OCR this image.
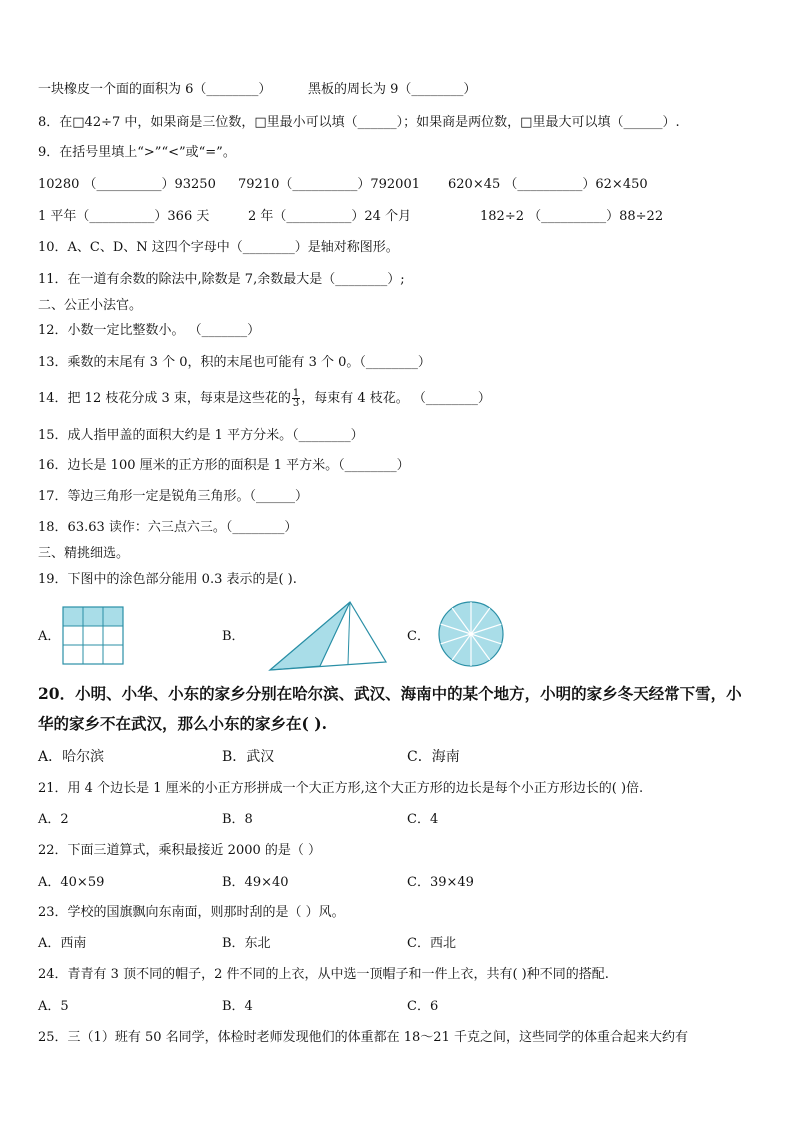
一块橡皮一个面的面积为 6（________）	黑板的周长为 9（________）
8．在□42÷7 中，如果商是三位数，□里最小可以填（______）；如果商是两位数，□里最大可以填（______）.
9．在括号里填上“>”“<”或“=”。
10280 （__________）93250 79210（__________）792001 620×45 （__________）62×450
1 平年（__________）366 天	2 年（__________）24 个月	182÷2 （__________）88÷22
10．A、C、D、N 这四个字母中（________）是轴对称图形。
11．在一道有余数的除法中,除数是 7,余数最大是（________）;
二、公正小法官。
12．小数一定比整数小。 （_______）
13．乘数的末尾有 3 个 0，积的末尾也可能有 3 个 0。（________）
14．把 12 枝花分成 3 束，每束是这些花的 $\frac{1}{3}$ ，每束有 4 枝花。 （________）
15．成人指甲盖的面积大约是 1 平方分米。（________）
16．边长是 100 厘米的正方形的面积是 1 平方米。（________）
17．等边三角形一定是锐角三角形。（______）
18．63.63 读作：六三点六三。（________）
三、精挑细选。
19．下图中的涂色部分能用 0.3 表示的是( ).
A．	B．	C．
20．小明、小华、小东的家乡分别在哈尔滨、武汉、海南中的某个地方，小明的家乡冬天经常下雪，小
华的家乡不在武汉，那么小东的家乡在( ).
A．哈尔滨	B．武汉	C．海南
21．用 4 个边长是 1 厘米的小正方形拼成一个大正方形,这个大正方形的边长是每个小正方形边长的( )倍.
A．2	B．8	C．4
22．下面三道算式，乘积最接近 2000 的是（ ）
A．40×59	B．49×40	C．39×49
23．学校的国旗飘向东南面，则那时刮的是（ ）风。
A．西南	B．东北	C．西北
24．青青有 3 顶不同的帽子，2 件不同的上衣，从中选一顶帽子和一件上衣，共有( )种不同的搭配.
A．5	B．4	C．6
25．三（1）班有 50 名同学，体检时老师发现他们的体重都在 18～21 千克之间，这些同学的体重合起来大约有
